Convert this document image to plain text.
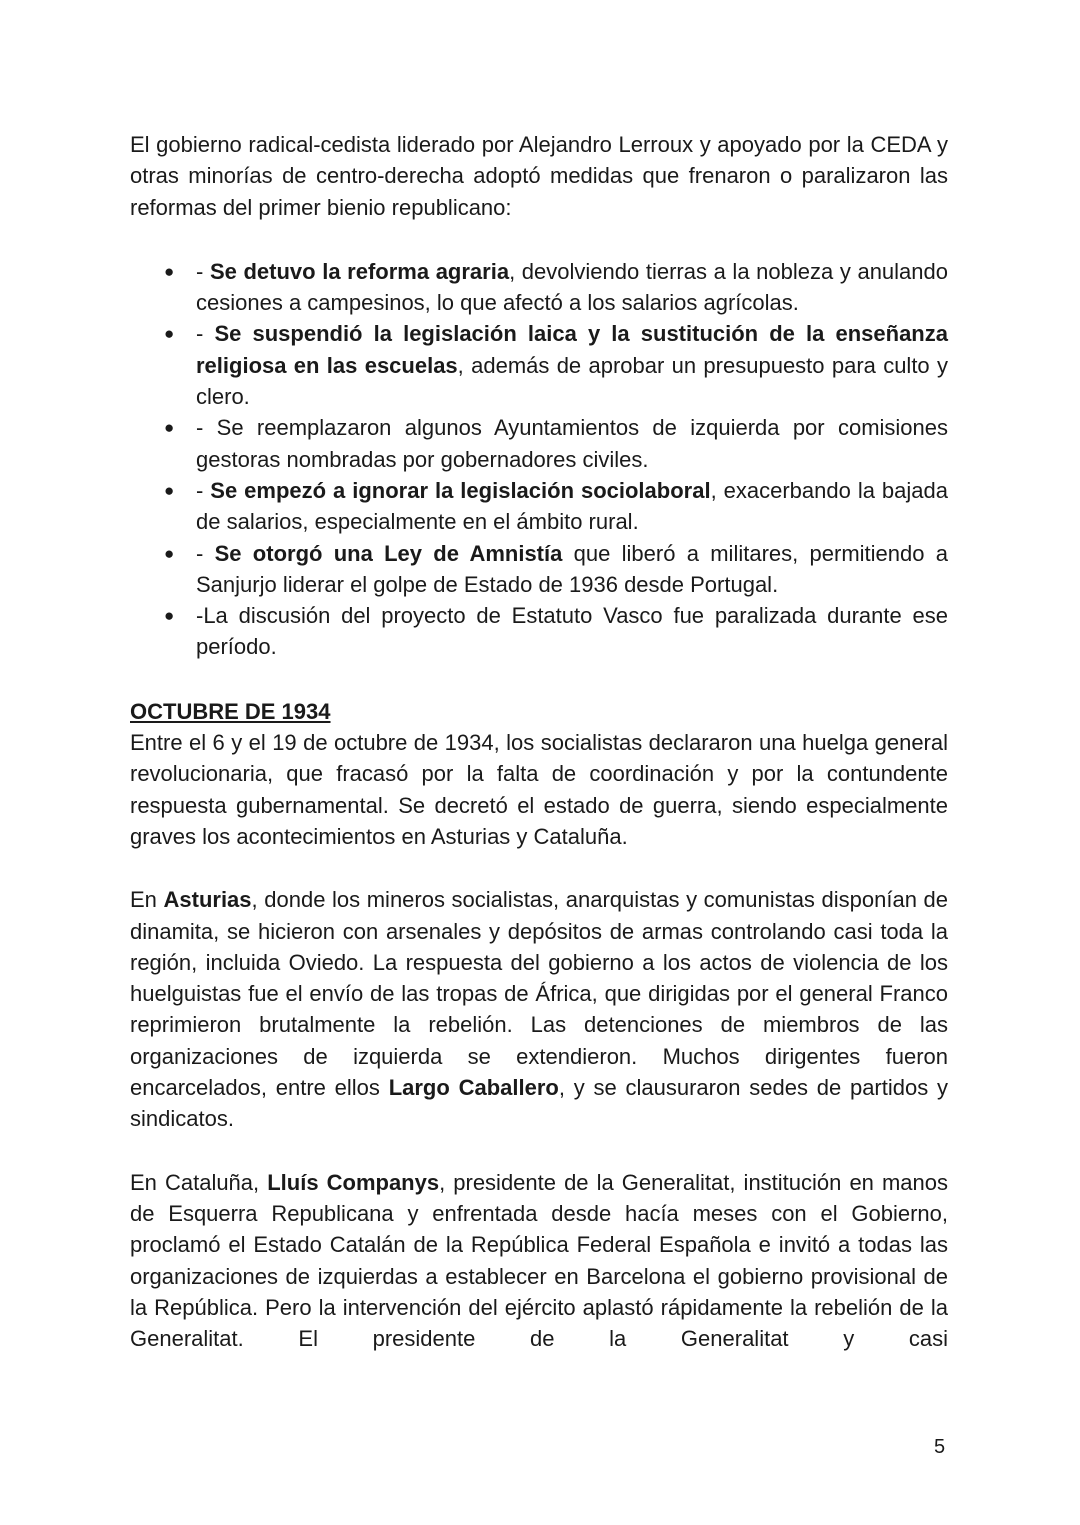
El gobierno radical-cedista liderado por Alejandro Lerroux y apoyado por la CEDA y otras minorías de centro-derecha adoptó medidas que frenaron o paralizaron las reformas del primer bienio republicano:

● - Se detuvo la reforma agraria, devolviendo tierras a la nobleza y anulando cesiones a campesinos, lo que afectó a los salarios agrícolas.
● - Se suspendió la legislación laica y la sustitución de la enseñanza religiosa en las escuelas, además de aprobar un presupuesto para culto y clero.
● - Se reemplazaron algunos Ayuntamientos de izquierda por comisiones gestoras nombradas por gobernadores civiles.
● - Se empezó a ignorar la legislación sociolaboral, exacerbando la bajada de salarios, especialmente en el ámbito rural.
● - Se otorgó una Ley de Amnistía que liberó a militares, permitiendo a Sanjurjo liderar el golpe de Estado de 1936 desde Portugal.
● -La discusión del proyecto de Estatuto Vasco fue paralizada durante ese período.
OCTUBRE DE 1934

Entre el 6 y el 19 de octubre de 1934, los socialistas declararon una huelga general revolucionaria, que fracasó por la falta de coordinación y por la contundente respuesta gubernamental. Se decretó el estado de guerra, siendo especialmente graves los acontecimientos en Asturias y Cataluña.

En Asturias, donde los mineros socialistas, anarquistas y comunistas disponían de dinamita, se hicieron con arsenales y depósitos de armas controlando casi toda la región, incluida Oviedo. La respuesta del gobierno a los actos de violencia de los huelguistas fue el envío de las tropas de África, que dirigidas por el general Franco reprimieron brutalmente la rebelión. Las detenciones de miembros de las organizaciones de izquierda se extendieron. Muchos dirigentes fueron encarcelados, entre ellos Largo Caballero, y se clausuraron sedes de partidos y sindicatos.

En Cataluña, Lluís Companys, presidente de la Generalitat, institución en manos de Esquerra Republicana y enfrentada desde hacía meses con el Gobierno, proclamó el Estado Catalán de la República Federal Española e invitó a todas las organizaciones de izquierdas a establecer en Barcelona el gobierno provisional de la República. Pero la intervención del ejército aplastó rápidamente la rebelión de la Generalitat. El presidente de la Generalitat y casi

5
